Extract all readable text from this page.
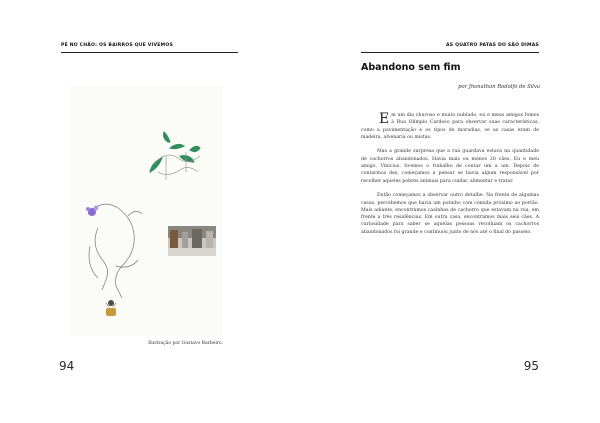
PÉ NO CHÃO: OS BAIRROS QUE VIVEMOS
Ilustração por Gustavo Barbeiro.
94
AS QUATRO PATAS DO SÃO DIMAS
Abandono sem fim
por Jhonathan Rodolfo de Silva

Em um dia chuvoso e muito nublado, eu e meus amigos fomos à Rua Olímpio Cardoso para observar suas características, como a pavimentação e os tipos de moradias, se as casas eram de madeira, alvenaria ou mistas.

Mas a grande surpresa que a rua guardava estava na quantidade de cachorros abandonados. Havia mais ou menos 20 cães. Eu e meu amigo, Vinicius, tivemos o trabalho de contar um a um. Depois de contarmos dez, começamos a pensar se havia algum responsável por recolher aqueles pobres animais para cuidar, alimentar e tratar.

Então começamos a observar outro detalhe. Na frente de algumas casas, percebemos que havia um potinho com comida próximo ao portão. Mais adiante, encontramos casinhas de cachorro que estavam na rua, em frente a três residências. Em outra casa, encontramos mais seis cães. A curiosidade para saber se aquelas pessoas recolhiam os cachorros abandonados foi grande e continuou junto de nós até o final do passeio.

95
